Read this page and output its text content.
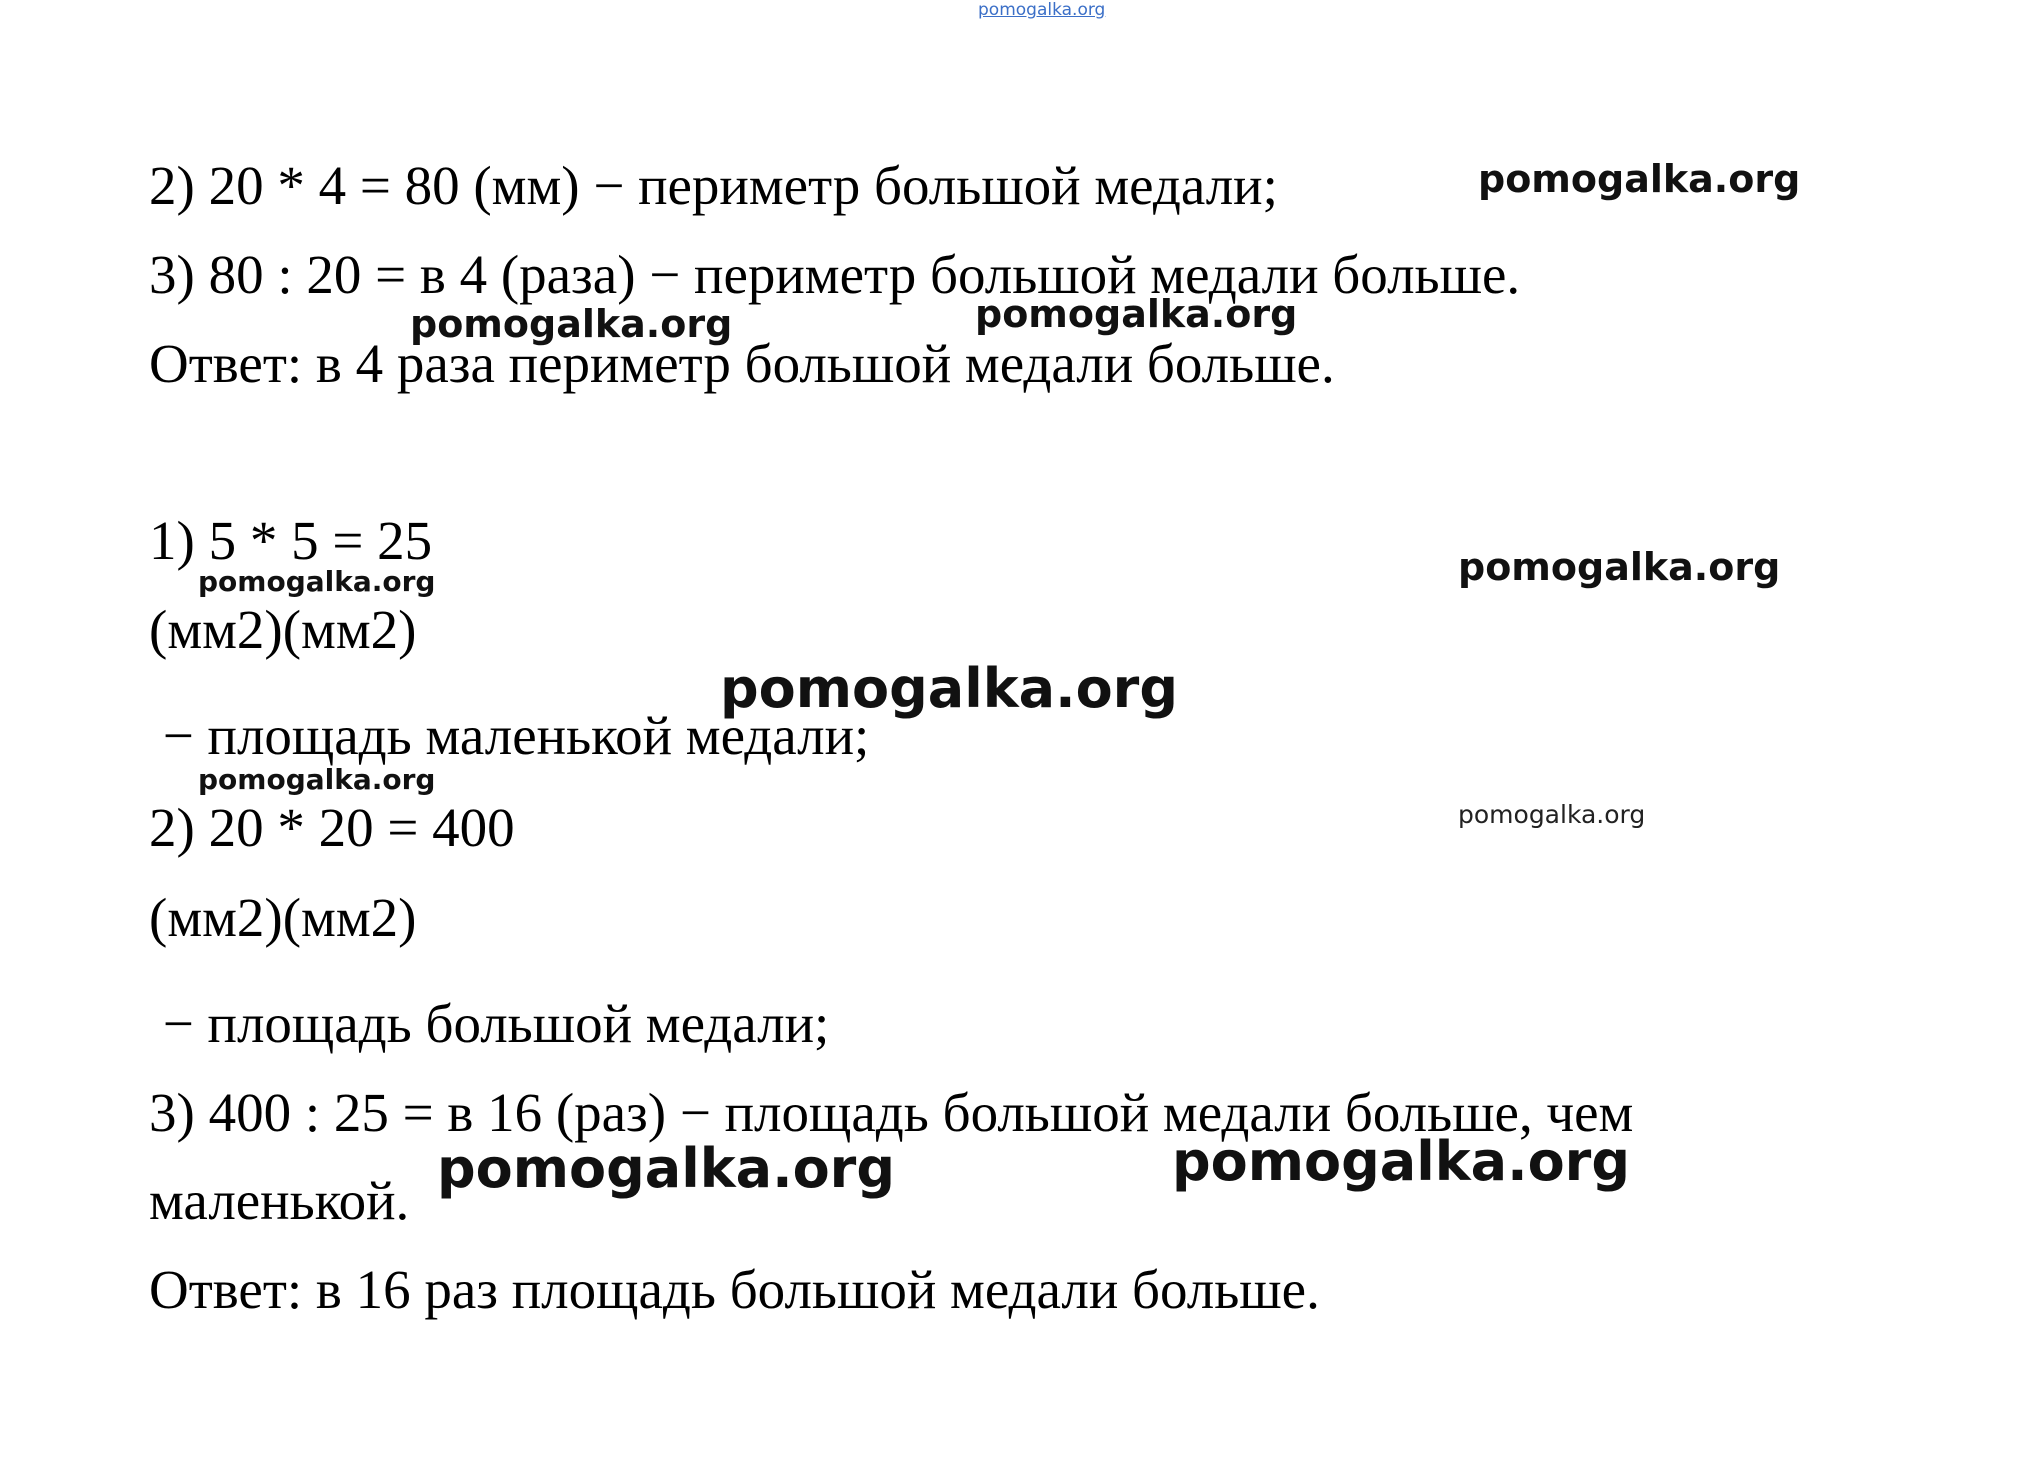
pomogalka.org
2) 20 * 4 = 80 (мм) − периметр большой медали;
3) 80 : 20 = в 4 (раза) − периметр большой медали больше.
Ответ: в 4 раза периметр большой медали больше.
1) 5 * 5 = 25
(мм2)(мм2)
− площадь маленькой медали;
2) 20 * 20 = 400
(мм2)(мм2)
− площадь большой медали;
3) 400 : 25 = в 16 (раз) − площадь большой медали больше, чем
маленькой.
Ответ: в 16 раз площадь большой медали больше.
pomogalka.org
pomogalka.org	pomogalka.org
pomogalka.org	pomogalka.org
pomogalka.org
pomogalka.org
pomogalka.org
pomogalka.org	pomogalka.org
